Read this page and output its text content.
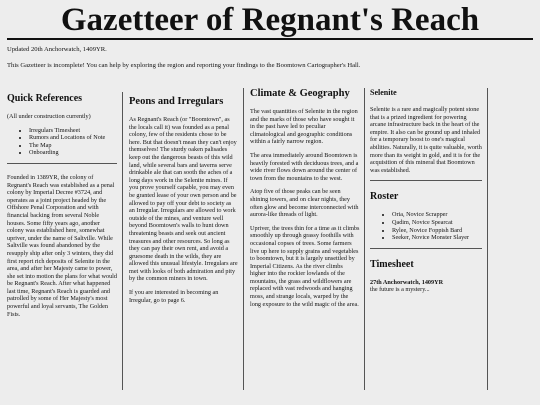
Gazetteer of Regnant's Reach
Updated 20th Anchorwatch, 1409YR.
This Gazetteer is incomplete! You can help by exploring the region and reporting your findings to the Boomtown Cartographer's Hall.
Quick References

(All under construction currently)

• Irregulars Timesheet
• Rumors and Locations of Note
• The Map
• Onboarding

Founded in 1389YR, the colony of Regnant's Reach was established as a penal colony by Imperial Decree #3724, and operates as a joint project headed by the Offshore Penal Corporation and with financial backing from several Noble houses. Some fifty years ago, another colony was established here, somewhat upriver, under the name of Saltville. While Saltville was found abandoned by the resupply ship after only 3 winters, they did first report rich deposits of Selenite in the area, and after her Majesty came to power, she set into motion the plans for what would be Regnant's Reach. After what happened last time, Regnant's Reach is guarded and patrolled by some of Her Majesty's most powerful and loyal servants, The Golden Fists.

Peons and Irregulars

As Regnant's Reach (or "Boomtown", as the locals call it) was founded as a penal colony, few of the residents chose to be here. But that doesn't mean they can't enjoy themselves! The sturdy oaken palisades keep out the dangerous beasts of this wild land, while several bars and taverns serve drinkable ale that can sooth the aches of a long days work in the Selenite mines. If you prove yourself capable, you may even be granted lease of your own person and be allowed to pay off your debt to society as an Irregular. Irregulars are allowed to work outside of the mines, and venture well beyond Boomtown's walls to hunt down threatening beasts and seek out ancient treasures and other resources. So long as they can pay their own rent, and avoid a gruesome death in the wilds, they are allowed this unusual lifestyle. Irregulars are met with looks of both admiration and pity by the common miners in town.

If you are interested in becoming an Irregular, go to page 6.

Climate & Geography

The vast quantities of Selenite in the region and the marks of those who have sought it in the past have led to peculiar climatological and geographic conditions within a fairly narrow region.

The area immediately around Boomtown is heavily forested with deciduous trees, and a wide river flows down around the center of town from the mountains to the west.

Atop five of those peaks can be seen shining towers, and on clear nights, they often glow and become interconnected with aurora-like threads of light.

Upriver, the trees thin for a time as it climbs smoothly up through grassy foothills with occasional copses of trees. Some farmers live up here to supply grains and vegetables to boomtown, but it is largely unsettled by Imperial Citizens. As the river climbs higher into the rockier lowlands of the mountains, the grass and wildflowers are replaced with vast redwoods and hanging moss, and strange locals, warped by the long exposure to the wild magic of the area.

Selenite

Selenite is a rare and magically potent stone that is a prized ingredient for powering arcane infrastructure back in the heart of the empire. It also can be ground up and inhaled for a temporary boost to one's magical abilities. Naturally, it is quite valuable, worth more than its weight in gold, and it is for the acquisition of this mineral that Boomtown was established.

Roster
• Oria, Novice Scrapper
• Qadim, Novice Spearcat
• Rylee, Novice Foppish Bard
• Seeker, Novice Monster Slayer
Timesheet
27th Anchorwatch, 1409YR
the future is a mystery...
